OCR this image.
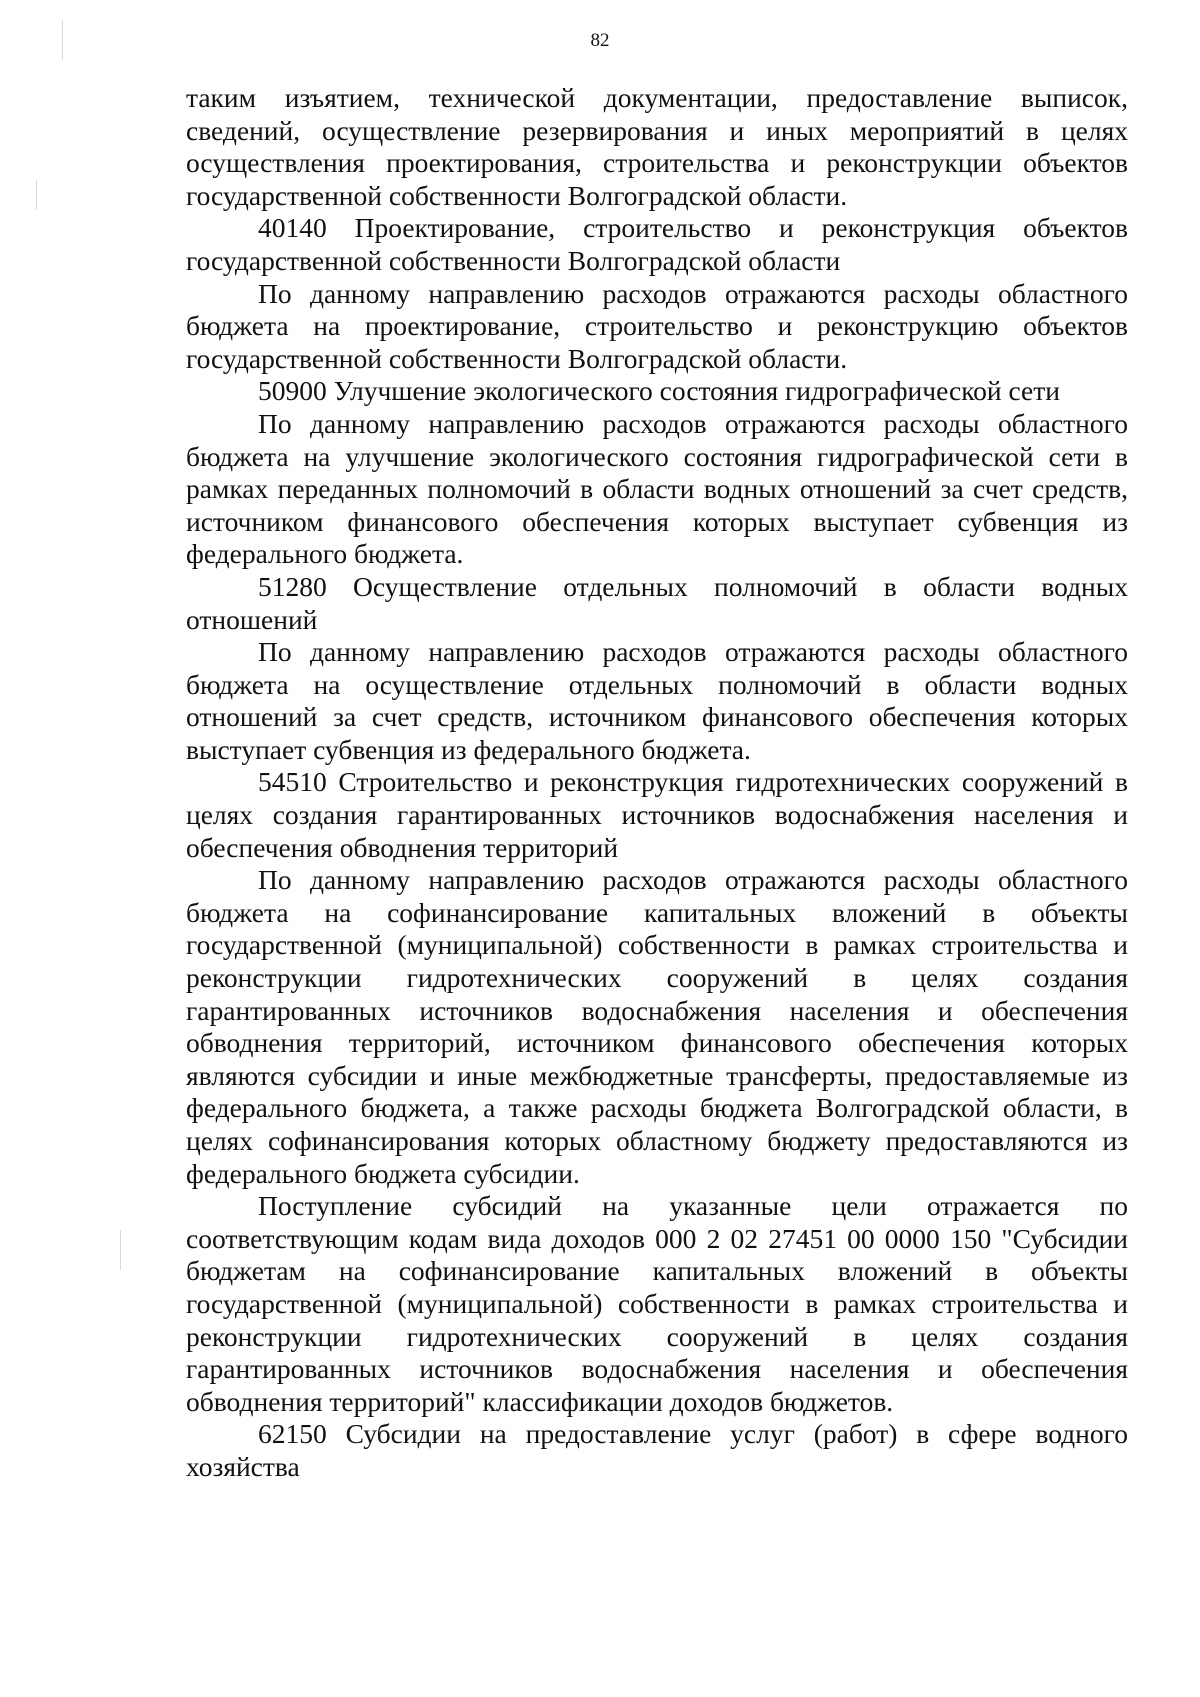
82

таким изъятием, технической документации, предоставление выписок, сведений, осуществление резервирования и иных мероприятий в целях осуществления проектирования, строительства и реконструкции объектов государственной собственности Волгоградской области.

40140 Проектирование, строительство и реконструкция объектов государственной собственности Волгоградской области

По данному направлению расходов отражаются расходы областного бюджета на проектирование, строительство и реконструкцию объектов государственной собственности Волгоградской области.

50900 Улучшение экологического состояния гидрографической сети

По данному направлению расходов отражаются расходы областного бюджета на улучшение экологического состояния гидрографической сети в рамках переданных полномочий в области водных отношений за счет средств, источником финансового обеспечения которых выступает субвенция из федерального бюджета.

51280 Осуществление отдельных полномочий в области водных отношений

По данному направлению расходов отражаются расходы областного бюджета на осуществление отдельных полномочий в области водных отношений за счет средств, источником финансового обеспечения которых выступает субвенция из федерального бюджета.

54510 Строительство и реконструкция гидротехнических сооружений в целях создания гарантированных источников водоснабжения населения и обеспечения обводнения территорий

По данному направлению расходов отражаются расходы областного бюджета на софинансирование капитальных вложений в объекты государственной (муниципальной) собственности в рамках строительства и реконструкции гидротехнических сооружений в целях создания гарантированных источников водоснабжения населения и обеспечения обводнения территорий, источником финансового обеспечения которых являются субсидии и иные межбюджетные трансферты, предоставляемые из федерального бюджета, а также расходы бюджета Волгоградской области, в целях софинансирования которых областному бюджету предоставляются из федерального бюджета субсидии.

Поступление субсидий на указанные цели отражается по соответствующим кодам вида доходов 000 2 02 27451 00 0000 150 "Субсидии бюджетам на софинансирование капитальных вложений в объекты государственной (муниципальной) собственности в рамках строительства и реконструкции гидротехнических сооружений в целях создания гарантированных источников водоснабжения населения и обеспечения обводнения территорий" классификации доходов бюджетов.

62150 Субсидии на предоставление услуг (работ) в сфере водного хозяйства
